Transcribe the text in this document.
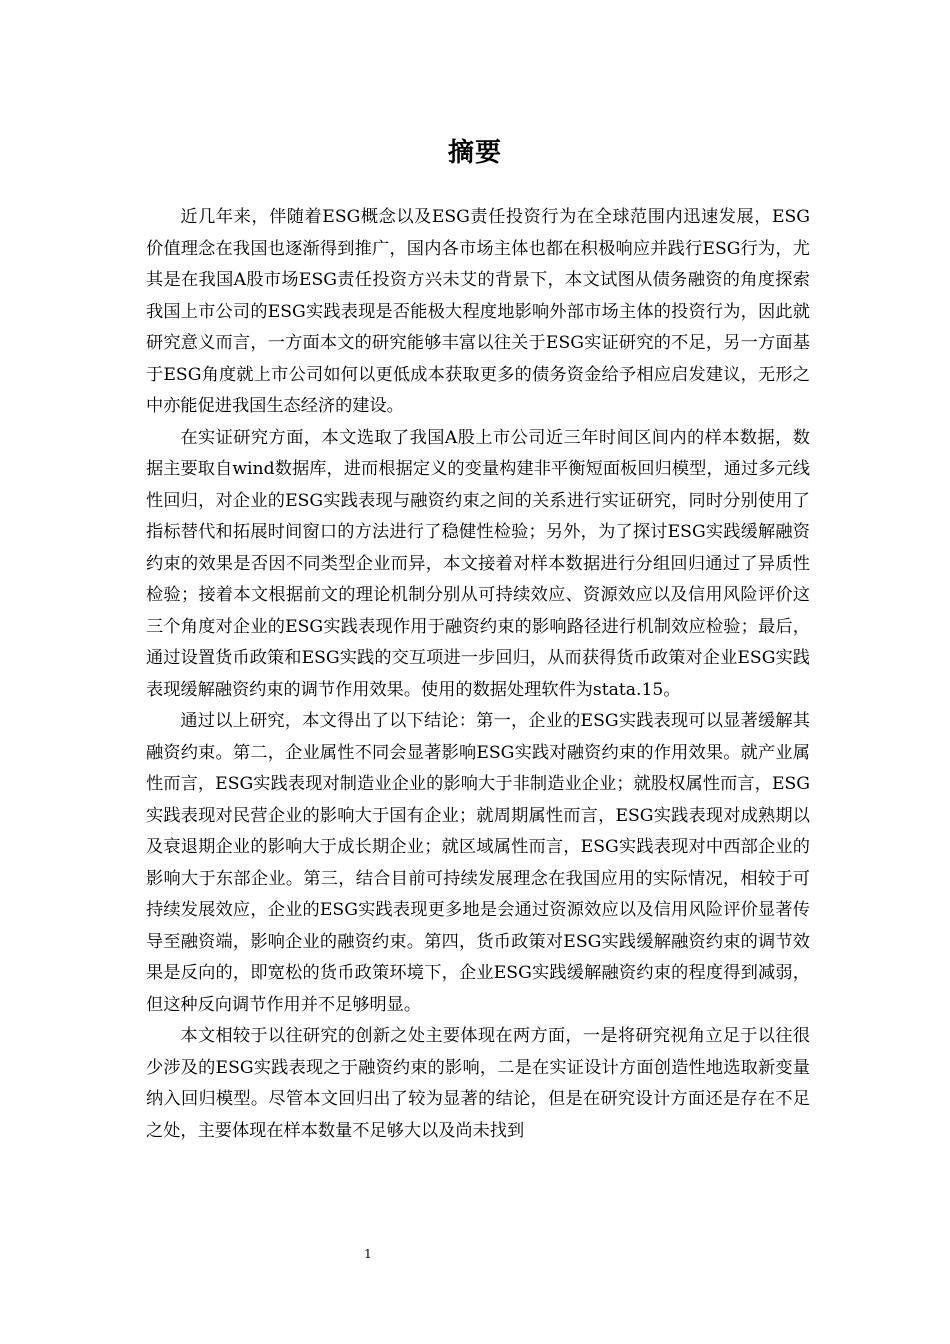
摘要

近几年来，伴随着ESG概念以及ESG责任投资行为在全球范围内迅速发展，ESG价值理念在我国也逐渐得到推广，国内各市场主体也都在积极响应并践行ESG行为，尤其是在我国A股市场ESG责任投资方兴未艾的背景下，本文试图从债务融资的角度探索我国上市公司的ESG实践表现是否能极大程度地影响外部市场主体的投资行为，因此就研究意义而言，一方面本文的研究能够丰富以往关于ESG实证研究的不足，另一方面基于ESG角度就上市公司如何以更低成本获取更多的债务资金给予相应启发建议，无形之中亦能促进我国生态经济的建设。

在实证研究方面，本文选取了我国A股上市公司近三年时间区间内的样本数据，数据主要取自wind数据库，进而根据定义的变量构建非平衡短面板回归模型，通过多元线性回归，对企业的ESG实践表现与融资约束之间的关系进行实证研究，同时分别使用了指标替代和拓展时间窗口的方法进行了稳健性检验；另外，为了探讨ESG实践缓解融资约束的效果是否因不同类型企业而异，本文接着对样本数据进行分组回归通过了异质性检验；接着本文根据前文的理论机制分别从可持续效应、资源效应以及信用风险评价这三个角度对企业的ESG实践表现作用于融资约束的影响路径进行机制效应检验；最后，通过设置货币政策和ESG实践的交互项进一步回归，从而获得货币政策对企业ESG实践表现缓解融资约束的调节作用效果。使用的数据处理软件为stata.15。

通过以上研究，本文得出了以下结论：第一，企业的ESG实践表现可以显著缓解其融资约束。第二，企业属性不同会显著影响ESG实践对融资约束的作用效果。就产业属性而言，ESG实践表现对制造业企业的影响大于非制造业企业；就股权属性而言，ESG实践表现对民营企业的影响大于国有企业；就周期属性而言，ESG实践表现对成熟期以及衰退期企业的影响大于成长期企业；就区域属性而言，ESG实践表现对中西部企业的影响大于东部企业。第三，结合目前可持续发展理念在我国应用的实际情况，相较于可持续发展效应，企业的ESG实践表现更多地是会通过资源效应以及信用风险评价显著传导至融资端，影响企业的融资约束。第四，货币政策对ESG实践缓解融资约束的调节效果是反向的，即宽松的货币政策环境下，企业ESG实践缓解融资约束的程度得到减弱，但这种反向调节作用并不足够明显。

本文相较于以往研究的创新之处主要体现在两方面，一是将研究视角立足于以往很少涉及的ESG实践表现之于融资约束的影响，二是在实证设计方面创造性地选取新变量纳入回归模型。尽管本文回归出了较为显著的结论，但是在研究设计方面还是存在不足之处，主要体现在样本数量不足够大以及尚未找到

1
